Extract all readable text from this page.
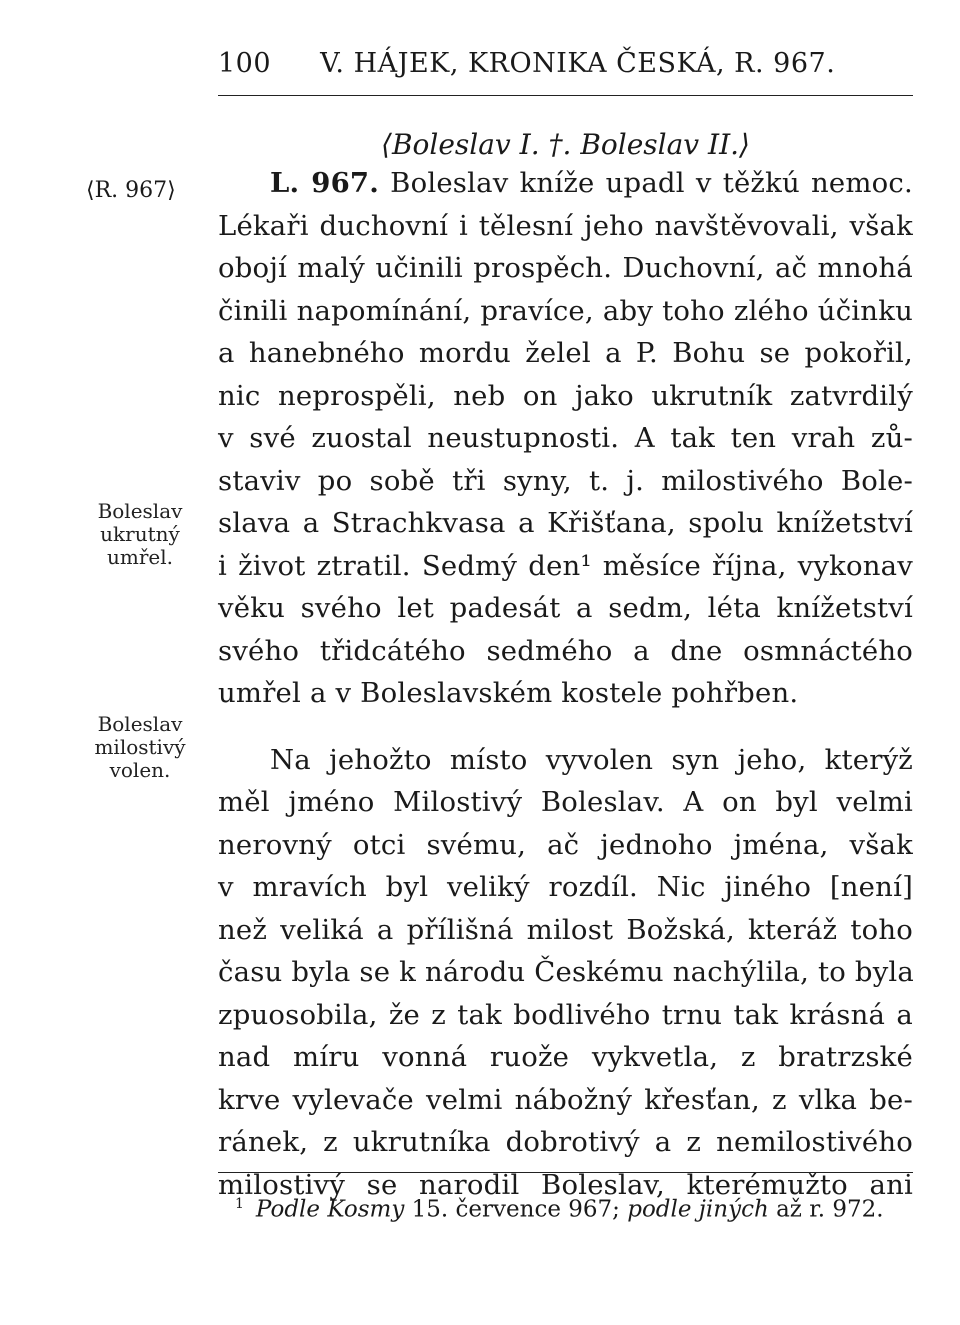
100 V. HÁJEK, KRONIKA ČESKÁ, R. 967.
⟨Boleslav I. †. Boleslav II.⟩
⟨R. 967⟩
Boleslav
ukrutný
umřel.
Boleslav
milostivý
volen.
L. 967. Boleslav kníže upadl v těžkú nemoc.
Lékaři duchovní i tělesní jeho navštěvovali, však
obojí malý učinili prospěch. Duchovní, ač mnohá
činili napomínání, pravíce, aby toho zlého účinku
a hanebného mordu želel a P. Bohu se pokořil,
nic neprospěli, neb on jako ukrutník zatvrdilý
v své zuostal neustupnosti. A tak ten vrah zů-
staviv po sobě tři syny, t. j. milostivého Bole-
slava a Strachkvasa a Křišťana, spolu knížetství
i život ztratil. Sedmý den¹ měsíce října, vykonav
věku svého let padesát a sedm, léta knížetství
svého třidcátého sedmého a dne osmnáctého
umřel a v Boleslavském kostele pohřben.
Na jehožto místo vyvolen syn jeho, kterýž
měl jméno Milostivý Boleslav. A on byl velmi
nerovný otci svému, ač jednoho jména, však
v mravích byl veliký rozdíl. Nic jiného [není]
než veliká a přílišná milost Božská, kteráž toho
času byla se k národu Českému nachýlila, to byla
zpuosobila, že z tak bodlivého trnu tak krásná a
nad míru vonná ruože vykvetla, z bratrzské
krve vylevače velmi nábožný křesťan, z vlka be-
ránek, z ukrutníka dobrotivý a z nemilostivého
milostivý se narodil Boleslav, kterémužto ani
$^1$ Podle Kosmy 15. července 967; podle jiných až r. 972.
